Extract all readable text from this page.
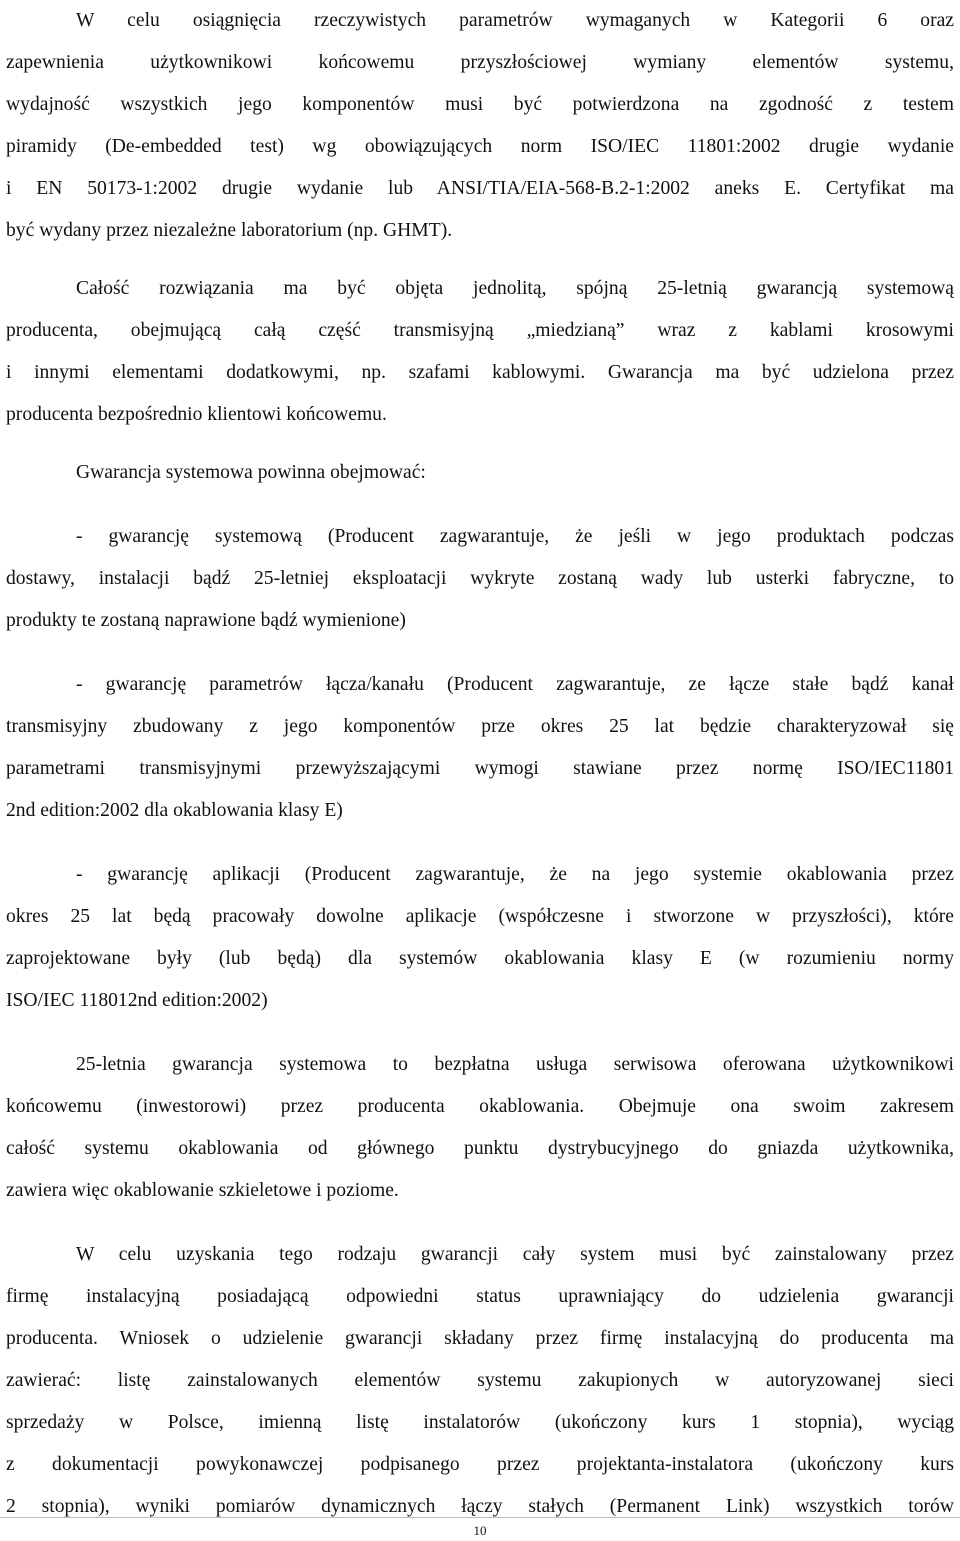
W celu osiągnięcia rzeczywistych parametrów wymaganych w Kategorii 6 oraz
zapewnienia użytkownikowi końcowemu przyszłościowej wymiany elementów systemu,
wydajność wszystkich jego komponentów musi być potwierdzona na zgodność z testem
piramidy (De-embedded test) wg obowiązujących norm ISO/IEC 11801:2002 drugie wydanie
i EN 50173-1:2002 drugie wydanie lub ANSI/TIA/EIA-568-B.2-1:2002 aneks E. Certyfikat ma
być wydany przez niezależne laboratorium (np. GHMT).
Całość rozwiązania ma być objęta jednolitą, spójną 25-letnią gwarancją systemową
producenta, obejmującą całą część transmisyjną „miedzianą” wraz z kablami krosowymi
i innymi elementami dodatkowymi, np. szafami kablowymi. Gwarancja ma być udzielona przez
producenta bezpośrednio klientowi końcowemu.
Gwarancja systemowa powinna obejmować:
- gwarancję systemową (Producent zagwarantuje, że jeśli w jego produktach podczas
dostawy, instalacji bądź 25-letniej eksploatacji wykryte zostaną wady lub usterki fabryczne, to
produkty te zostaną naprawione bądź wymienione)
- gwarancję parametrów łącza/kanału (Producent zagwarantuje, ze łącze stałe bądź kanał
transmisyjny zbudowany z jego komponentów prze okres 25 lat będzie charakteryzował się
parametrami transmisyjnymi przewyższającymi wymogi stawiane przez normę ISO/IEC11801
2nd edition:2002 dla okablowania klasy E)
- gwarancję aplikacji (Producent zagwarantuje, że na jego systemie okablowania przez
okres 25 lat będą pracowały dowolne aplikacje (współczesne i stworzone w przyszłości), które
zaprojektowane były (lub będą) dla systemów okablowania klasy E (w rozumieniu normy
ISO/IEC 118012nd edition:2002)
25-letnia gwarancja systemowa to bezpłatna usługa serwisowa oferowana użytkownikowi
końcowemu (inwestorowi) przez producenta okablowania. Obejmuje ona swoim zakresem
całość systemu okablowania od głównego punktu dystrybucyjnego do gniazda użytkownika,
zawiera więc okablowanie szkieletowe i poziome.
W celu uzyskania tego rodzaju gwarancji cały system musi być zainstalowany przez
firmę instalacyjną posiadającą odpowiedni status uprawniający do udzielenia gwarancji
producenta. Wniosek o udzielenie gwarancji składany przez firmę instalacyjną do producenta ma
zawierać: listę zainstalowanych elementów systemu zakupionych w autoryzowanej sieci
sprzedaży w Polsce, imienną listę instalatorów (ukończony kurs 1 stopnia), wyciąg
z dokumentacji powykonawczej podpisanego przez projektanta-instalatora (ukończony kurs
2 stopnia), wyniki pomiarów dynamicznych łączy stałych (Permanent Link) wszystkich torów
10
